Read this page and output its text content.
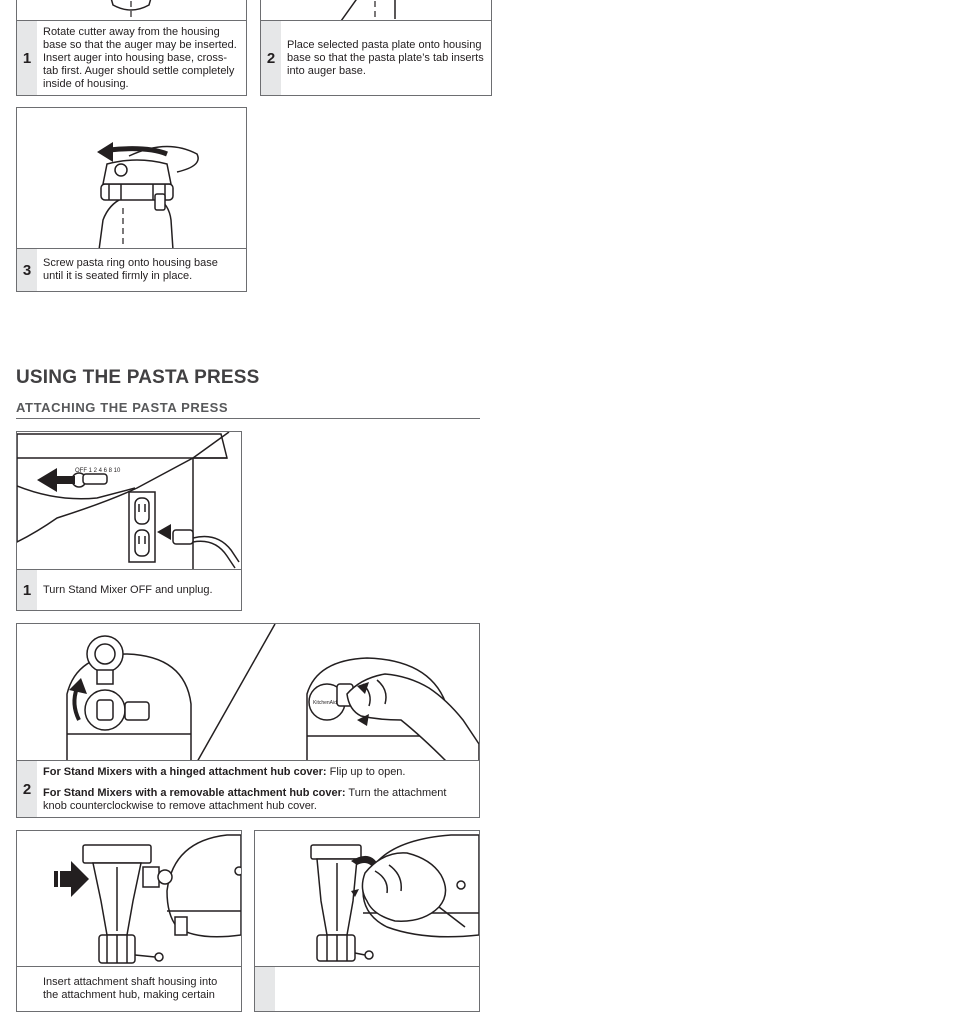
1

Rotate cutter away from the housing base so that the auger may be inserted. Insert auger into housing base, cross-tab first. Auger should settle completely inside of housing.

2

Place selected pasta plate onto housing base so that the pasta plate’s tab inserts into auger base.

3	Screw pasta ring onto housing base until it is seated firmly in place.

USING THE PASTA PRESS
ATTACHING THE PASTA PRESS
OFF 1 2 4 6 8 10
1	Turn Stand Mixer OFF and unplug.

KitchenAid
2

For Stand Mixers with a hinged attachment hub cover: Flip up to open.

For Stand Mixers with a removable attachment hub cover: Turn the attachment knob counterclockwise to remove attachment hub cover.

Insert attachment shaft housing into the attachment hub, making certain
